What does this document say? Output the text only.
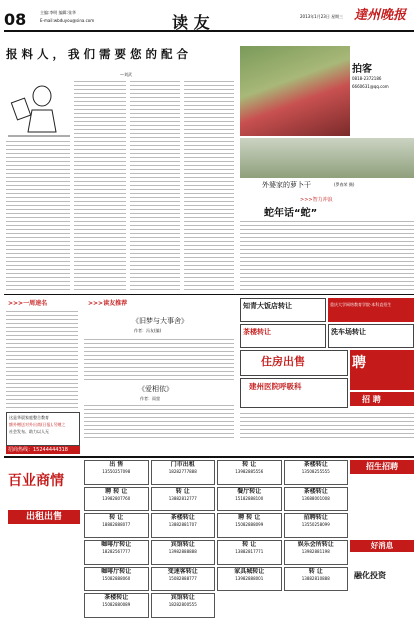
08	主编:李明 编辑:张华
E-mail:wbduyou@sina.com	读 友	2013年1月23日 星期三 達州晚报
报 料 人 ， 我 们 需 要 您 的 配 合
—刘武	拍客
0818-2372186
6660631@qq.com
外婆家的萝卜干	(罗春荣 摄)
>>>智力冲浪
蛇年话“蛇”
>>>一周速名	>>>读友推荐
《旧梦与大事舍》
作者：冯友(编)
《爱相依》
作者：雨萤
这是华晨家庭整合教育
额外赠送对外出商(日报),另赠之
社会发布、助力以人无
招商热线：15244444318
知青大饭店转让	重庆大学网络教育学院·本科直招生
茶楼转让	洗车场转让
住房出售	聘
建州医院呼吸科
招 聘
百业商情
出租出售
招生招聘
好消息
融化投资
出 售
13550257098
门市出租
18282777888
转 让
13982885556
茶楼转让
13508255555
聘 转 让
13982807760
转 让
13882812777
餐厅转让
15182888100
茶楼转让
13688001008
转 让
18882888077
茶楼转让
13882881707
聘 转 让
15082888099
招聘转让
13550258099
咖啡厅转让
18282567777
宾馆转让
13982888888
转 让
13882817771
娱乐会所转让
13982881198
咖啡厅转让
15082888060
变速客转让
15082888777
家具城转让
13982888001
转 让
13882810888
茶楼转让
15082880089
宾馆转让
18282800555
